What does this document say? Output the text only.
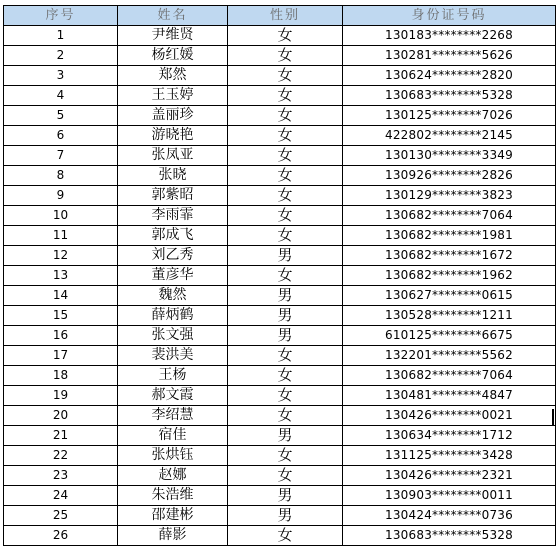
序号	姓名	性别	身份证号码
1	尹维贤	女	130183********2268
2	杨红媛	女	130281********5626
3	郑然	女	130624********2820
4	王玉婷	女	130683********5328
5	盖丽珍	女	130125********7026
6	游晓艳	女	422802********2145
7	张凤亚	女	130130********3349
8	张晓	女	130926********2826
9	郭紫昭	女	130129********3823
10	李雨霏	女	130682********7064
11	郭成飞	女	130682********1981
12	刘乙秀	男	130682********1672
13	董彦华	女	130682********1962
14	魏然	男	130627********0615
15	薛炳鹤	男	130528********1211
16	张文强	男	610125********6675
17	裴洪美	女	132201********5562
18	王杨	女	130682********7064
19	郝文霞	女	130481********4847
20	李绍慧	女	130426********0021
21	宿佳	男	130634********1712
22	张烘钰	女	131125********3428
23	赵娜	女	130426********2321
24	朱浩维	男	130903********0011
25	邵建彬	男	130424********0736
26	薛影	女	130683********5328
